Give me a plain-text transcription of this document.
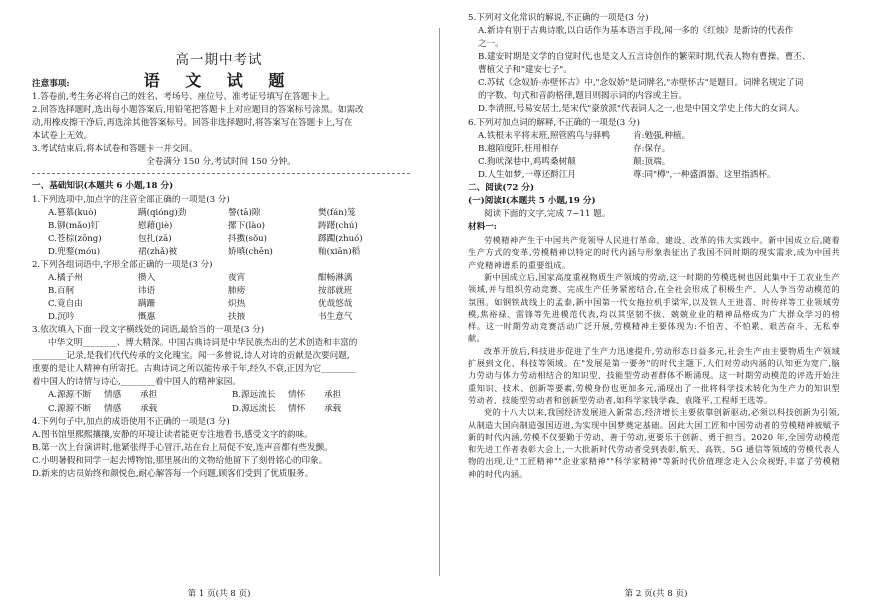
高一期中考试
语 文 试 题
注意事项:
1.答卷前,考生务必将自己的姓名、考场号、座位号、准考证号填写在答题卡上。
2.回答选择题时,选出每小题答案后,用铅笔把答题卡上对应题目的答案标号涂黑。如需改
动,用橡皮擦干净后,再选涂其他答案标号。回答非选择题时,将答案写在答题卡上,写在
本试卷上无效。
3.考试结束后,将本试卷和答题卡一并交回。
全卷满分 150 分,考试时间 150 分钟。
一、基础知识(本题共 6 小题,18 分)
1.下列选项中,加点字的注音全部正确的一项是(3 分)
A.篡慕(kuò)	蹒(qióng)劲	謦(tā)隙	樊(fán)笼
B.铆(mǎo)钉	慰藉(jiè)	摞下(lào)	踌躇(chú)
C.苍棕(zōng)	包扎(zā)	抖擞(sǒu)	踯躅(zhuó)
D.兜鍪(móu)	裙(zhǎ)被	娇嗔(chēn)	籼(xiān)稻
2.下列各组词语中,字形全部正确的一项是(3 分)
A.橘子州	攒入	夜宵	酣畅淋漓
B.百舸	讳语	肺痨	按部就班
C.竟自由	蹒跚	炽热	优哉悠哉
D.沉吟	慨惠	扶掖	书生意气
3.依次填入下面一段文字横线处的词语,最恰当的一项是(3 分)
中华文明________、博大精深。中国古典诗词是中华民族杰出的艺术创造和丰富的
________记录,是我们代代传承的文化瑰宝。闻一多曾说,诗人对诗的贡献是次要问题,
重要的是让人精神有所寄托。古典诗词之所以能传承千年,经久不衰,正因为它________
着中国人的诗情与诗心,________着中国人的精神家园。
A.源源不断	情感	承担	B.源远流长	情怀	承担
C.源源不断	情感	承载	D.源远流长	情怀	承载
4.下列句子中,加点的成语使用不正确的一项是(3 分)
A.图书馆里熙熙攘攘,安静的环境让读者能更专注地看书,感受文字的韵味。
B.第一次上台演讲时,他紧张得手心冒汗,站在台上局促不安,连声音都有些发颤。
C.小明暑假和同学一起去博物馆,那里展出的文物给他留下了刻骨铭心的印象。
D.新来的店员始终和颜悦色,耐心解答每一个问题,顾客们受到了优质服务。
第 1 页(共 8 页)
5.下列对文化常识的解说,不正确的一项是(3 分)
A.新诗有别于古典诗歌,以白话作为基本语言手段,闻一多的《红烛》是新诗的代表作
之一。
B.建安时期是文学的自觉时代,也是文人五言诗创作的繁荣时期,代表人物有曹操、曹丕、
曹植父子和"建安七子"。
C.苏轼《念奴娇·赤壁怀古》中,"念奴娇"是词牌名,"赤壁怀古"是题目。词牌名规定了词
的字数、句式和音韵格律,题目则揭示词的内容或主旨。
D.李清照,号易安居士,是宋代"豪放派"代表词人之一,也是中国文学史上伟大的女词人。
6.下列对加点词的解释,不正确的一项是(3 分)
A.铁根未平将末班,照管鸥鸟与驿鸭	肯:勉强,种植。
B.越陌度阡,枉用相存	存:保存。
C.狗吠深巷中,鸡鸣桑树颠	颠:顶端。
D.人生如梦,一尊还酹江月	尊:同"樽",一种盛酒器。这里指洒杯。
二、阅读(72 分)
(一)阅读Ⅰ(本题共 5 小题,19 分)
阅读下面的文字,完成 7~11 题。
材料一:
劳模精神产生于中国共产党领导人民进行革命、建设、改革的伟大实践中。新中国成立后,随着生产方式的变革,劳模精神以特定的时代内涵与形象表征出了我国不同时期的现实需求,成为中国共产党精神谱系的重要组成。
新中国成立后,国家高度重视物质生产领域的劳动,这一时期的劳模选树也因此集中于工农业生产领域,并与组织劳动竞赛、完成生产任务紧密结合,在全社会形成了积极生产、人人争当劳动模范的氛围。如钢铁战线上的孟泰,新中国第一代女拖拉机手梁军,以及铁人王进喜、时传祥等工业领域劳模,焦裕禄、雷锋等先进模范代表,均以其坚韧不拔、兢兢业业的精神品格成为广大群众学习的榜样。这一时期劳动竞赛活动广泛开展,劳模精神主要体现为:不怕苦、不怕累、艰苦奋斗、无私奉献。
改革开放后,科技进步促进了生产力迅速提升,劳动形态日益多元,社会生产由主要物质生产领域扩展到文化、科技等领域。在"发展是第一要务"的时代主题下,人们对劳动内涵的认知更为宽广,脑力劳动与体力劳动相结合的知识型、技能型劳动者群体不断涌现。这一时期劳动模范的评选开始注重知识、技术、创新等要素,劳模身份也更加多元,涌现出了一批将科学技术转化为生产力的知识型劳动者、技能型劳动者和创新型劳动者,如科学家钱学森、袁隆平,工程师王选等。
党的十八大以来,我国经济发展进入新常态,经济增长主要依靠创新驱动,必须以科技创新为引领,从制造大国向制造强国迈进,为实现中国梦奠定基础。因此大国工匠和中国劳动者的劳模精神被赋予新的时代内涵,劳模不仅要勤于劳动、善于劳动,更要乐于创新、勇于担当。2020 年,全国劳动模范和先进工作者表彰大会上,一大批新时代劳动者受到表彰,航天、高铁、5G 通信等领域的劳模代表人物的出现,让"工匠精神""企业家精神""科学家精神"等新时代价值理念走入公众视野,丰富了劳模精神的时代内涵。
第 2 页(共 8 页)
